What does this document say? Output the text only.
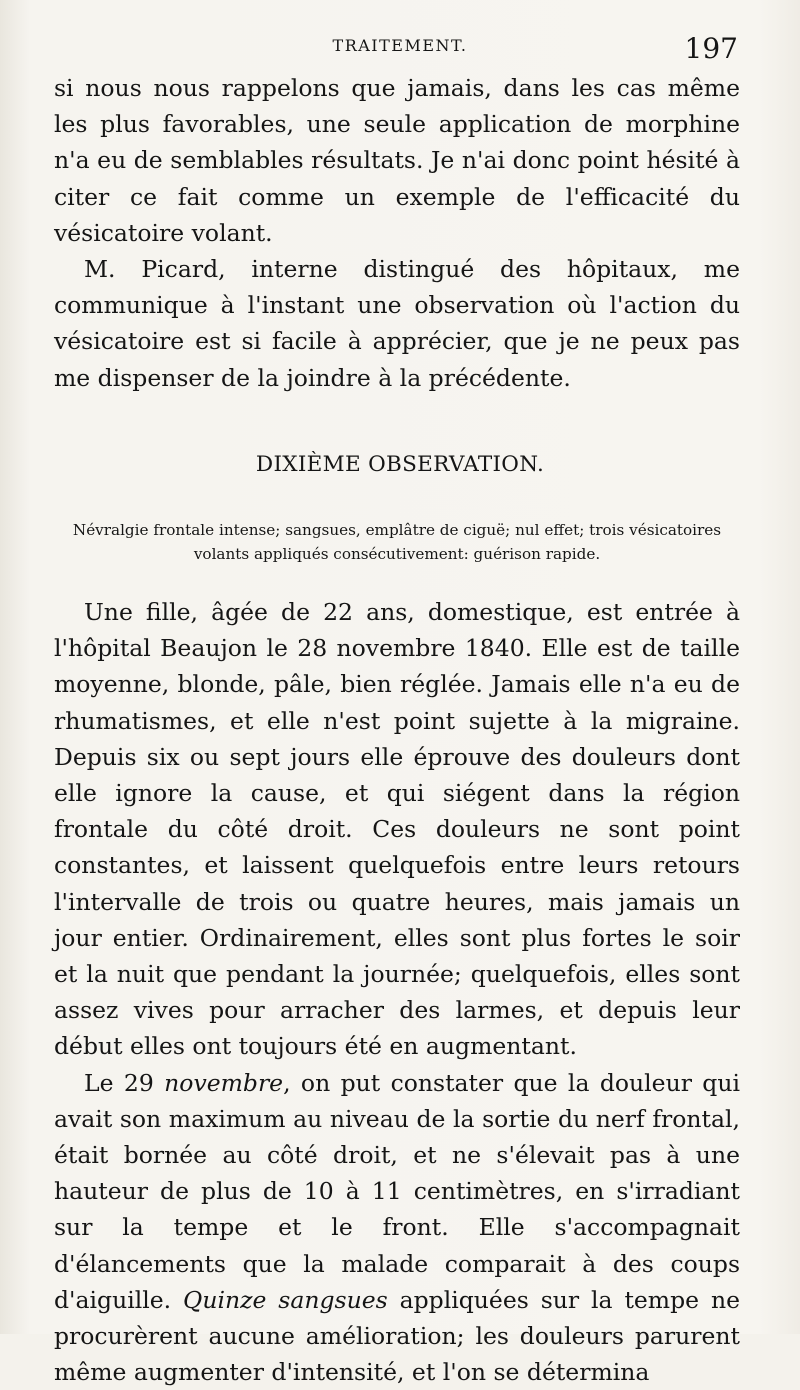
TRAITEMENT.	197

si nous nous rappelons que jamais, dans les cas même les plus favorables, une seule application de morphine n'a eu de semblables résultats. Je n'ai donc point hésité à citer ce fait comme un exemple de l'efficacité du vésicatoire volant.

M. Picard, interne distingué des hôpitaux, me communique à l'instant une observation où l'action du vésicatoire est si facile à apprécier, que je ne peux pas me dispenser de la joindre à la précédente.

DIXIÈME OBSERVATION.
Névralgie frontale intense; sangsues, emplâtre de ciguë; nul effet; trois vésicatoires volants appliqués consécutivement: guérison rapide.

Une fille, âgée de 22 ans, domestique, est entrée à l'hôpital Beaujon le 28 novembre 1840. Elle est de taille moyenne, blonde, pâle, bien réglée. Jamais elle n'a eu de rhumatismes, et elle n'est point sujette à la migraine. Depuis six ou sept jours elle éprouve des douleurs dont elle ignore la cause, et qui siégent dans la région frontale du côté droit. Ces douleurs ne sont point constantes, et laissent quelquefois entre leurs retours l'intervalle de trois ou quatre heures, mais jamais un jour entier. Ordinairement, elles sont plus fortes le soir et la nuit que pendant la journée; quelquefois, elles sont assez vives pour arracher des larmes, et depuis leur début elles ont toujours été en augmentant.

Le 29 novembre, on put constater que la douleur qui avait son maximum au niveau de la sortie du nerf frontal, était bornée au côté droit, et ne s'élevait pas à une hauteur de plus de 10 à 11 centimètres, en s'irradiant sur la tempe et le front. Elle s'accompagnait d'élancements que la malade comparait à des coups d'aiguille. Quinze sangsues appliquées sur la tempe ne procurèrent aucune amélioration; les douleurs parurent même augmenter d'intensité, et l'on se détermina
